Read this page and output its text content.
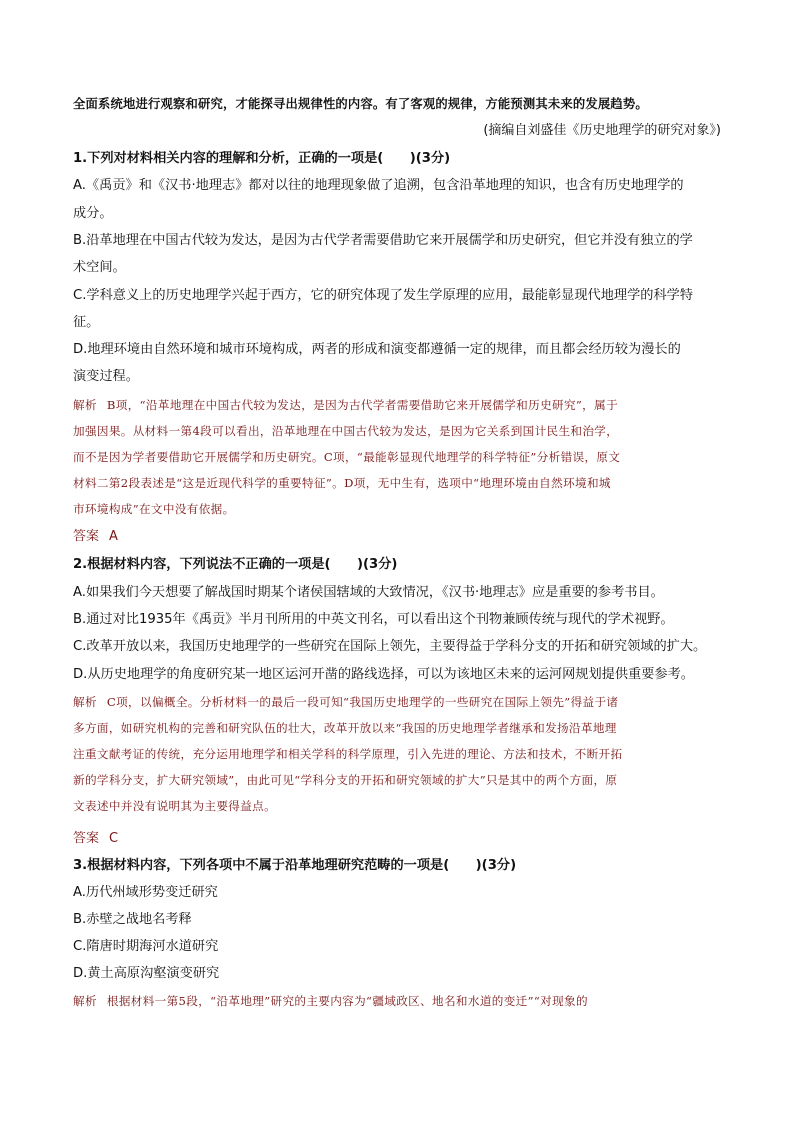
全面系统地进行观察和研究，才能探寻出规律性的内容。有了客观的规律，方能预测其未来的发展趋势。
(摘编自刘盛佳《历史地理学的研究对象》)
1.下列对材料相关内容的理解和分析，正确的一项是(　　)(3分)
A.《禹贡》和《汉书·地理志》都对以往的地理现象做了追溯，包含沿革地理的知识，也含有历史地理学的
成分。
B.沿革地理在中国古代较为发达，是因为古代学者需要借助它来开展儒学和历史研究，但它并没有独立的学
术空间。
C.学科意义上的历史地理学兴起于西方，它的研究体现了发生学原理的应用，最能彰显现代地理学的科学特
征。
D.地理环境由自然环境和城市环境构成，两者的形成和演变都遵循一定的规律，而且都会经历较为漫长的
演变过程。
解析 B项，“沿革地理在中国古代较为发达，是因为古代学者需要借助它来开展儒学和历史研究”，属于
加强因果。从材料一第4段可以看出，沿革地理在中国古代较为发达，是因为它关系到国计民生和治学，
而不是因为学者要借助它开展儒学和历史研究。C项，“最能彰显现代地理学的科学特征”分析错误，原文
材料二第2段表述是“这是近现代科学的重要特征”。D项，无中生有，选项中“地理环境由自然环境和城
市环境构成”在文中没有依据。
答案 A
2.根据材料内容，下列说法不正确的一项是(　　)(3分)
A.如果我们今天想要了解战国时期某个诸侯国辖域的大致情况，《汉书·地理志》应是重要的参考书目。
B.通过对比1935年《禹贡》半月刊所用的中英文刊名，可以看出这个刊物兼顾传统与现代的学术视野。
C.改革开放以来，我国历史地理学的一些研究在国际上领先，主要得益于学科分支的开拓和研究领域的扩大。
D.从历史地理学的角度研究某一地区运河开凿的路线选择，可以为该地区未来的运河网规划提供重要参考。
解析 C项，以偏概全。分析材料一的最后一段可知“我国历史地理学的一些研究在国际上领先”得益于诸
多方面，如研究机构的完善和研究队伍的壮大，改革开放以来“我国的历史地理学者继承和发扬沿革地理
注重文献考证的传统，充分运用地理学和相关学科的科学原理，引入先进的理论、方法和技术，不断开拓
新的学科分支，扩大研究领域”，由此可见“学科分支的开拓和研究领域的扩大”只是其中的两个方面，原
文表述中并没有说明其为主要得益点。
答案 C
3.根据材料内容，下列各项中不属于沿革地理研究范畴的一项是(　　)(3分)
A.历代州域形势变迁研究
B.赤壁之战地名考释
C.隋唐时期海河水道研究
D.黄土高原沟壑演变研究
解析 根据材料一第5段，“沿革地理”研究的主要内容为“疆域政区、地名和水道的变迁”“对现象的
